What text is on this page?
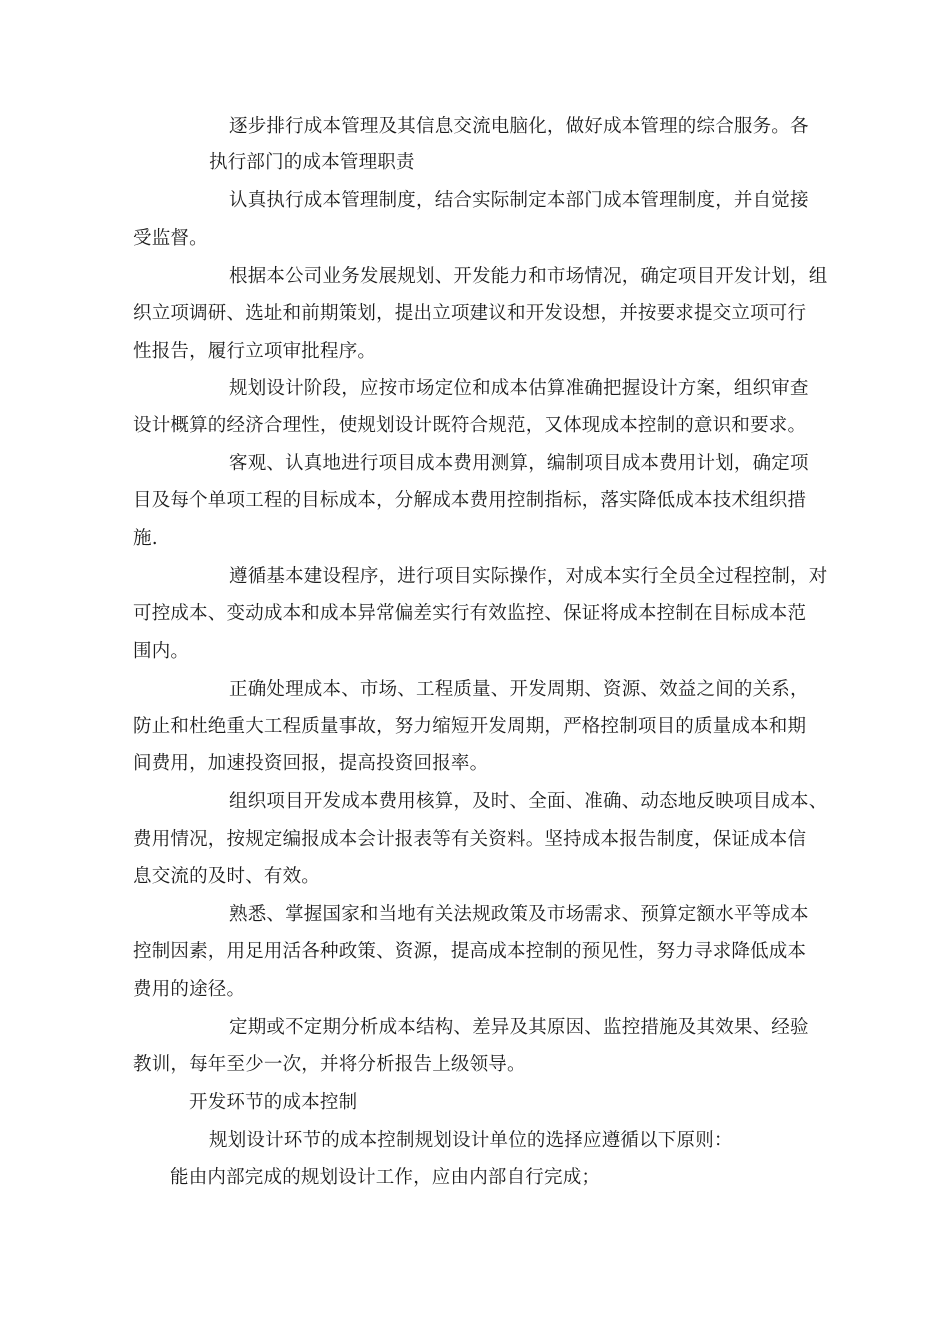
逐步排行成本管理及其信息交流电脑化，做好成本管理的综合服务。各
执行部门的成本管理职责
认真执行成本管理制度，结合实际制定本部门成本管理制度，并自觉接
受监督。
根据本公司业务发展规划、开发能力和市场情况，确定项目开发计划，组
织立项调研、选址和前期策划，提出立项建议和开发设想，并按要求提交立项可行
性报告，履行立项审批程序。
规划设计阶段，应按市场定位和成本估算准确把握设计方案，组织审查
设计概算的经济合理性，使规划设计既符合规范，又体现成本控制的意识和要求。
客观、认真地进行项目成本费用测算，编制项目成本费用计划，确定项
目及每个单项工程的目标成本，分解成本费用控制指标，落实降低成本技术组织措
施.
遵循基本建设程序，进行项目实际操作，对成本实行全员全过程控制，对
可控成本、变动成本和成本异常偏差实行有效监控、保证将成本控制在目标成本范
围内。
正确处理成本、市场、工程质量、开发周期、资源、效益之间的关系，
防止和杜绝重大工程质量事故，努力缩短开发周期，严格控制项目的质量成本和期
间费用，加速投资回报，提高投资回报率。
组织项目开发成本费用核算，及时、全面、准确、动态地反映项目成本、
费用情况，按规定编报成本会计报表等有关资料。坚持成本报告制度，保证成本信
息交流的及时、有效。
熟悉、掌握国家和当地有关法规政策及市场需求、预算定额水平等成本
控制因素，用足用活各种政策、资源，提高成本控制的预见性，努力寻求降低成本
费用的途径。
定期或不定期分析成本结构、差异及其原因、监控措施及其效果、经验
教训，每年至少一次，并将分析报告上级领导。
开发环节的成本控制
规划设计环节的成本控制规划设计单位的选择应遵循以下原则：
能由内部完成的规划设计工作，应由内部自行完成；
